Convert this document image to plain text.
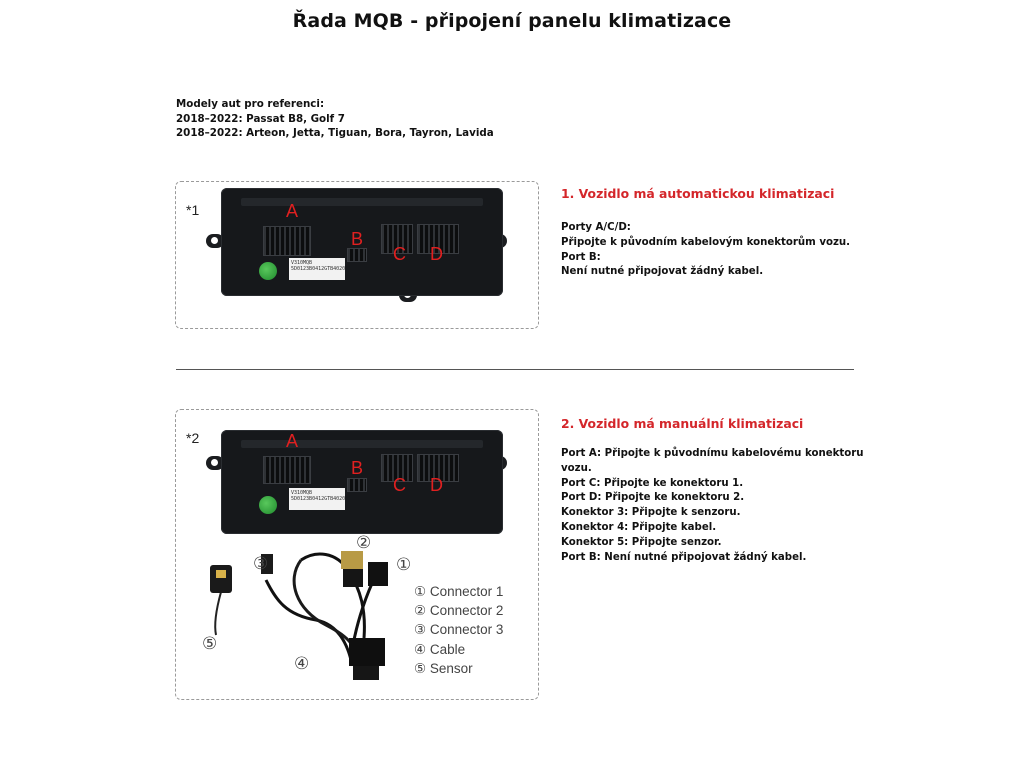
Řada MQB - připojení panelu klimatizace
Modely aut pro referenci:
2018–2022: Passat B8, Golf 7
2018–2022: Arteon, Jetta, Tiguan, Bora, Tayron, Lavida
*1
V310MQB 5D0123B0412GTB4020
A
B
C D
1. Vozidlo má automatickou klimatizaci
Porty A/C/D:
Připojte k původním kabelovým konektorům vozu.
Port B:
Není nutné připojovat žádný kabel.
*2
V310MQB 5D0123B0412GTB4020
A
B
C D
②
①
③
④
⑤
① Connector 1
② Connector 2
③ Connector 3
④ Cable
⑤ Sensor
2. Vozidlo má manuální klimatizaci
Port A: Připojte k původnímu kabelovému konektoru
vozu.
Port C: Připojte ke konektoru 1.
Port D: Připojte ke konektoru 2.
Konektor 3: Připojte k senzoru.
Konektor 4: Připojte kabel.
Konektor 5: Připojte senzor.
Port B: Není nutné připojovat žádný kabel.
